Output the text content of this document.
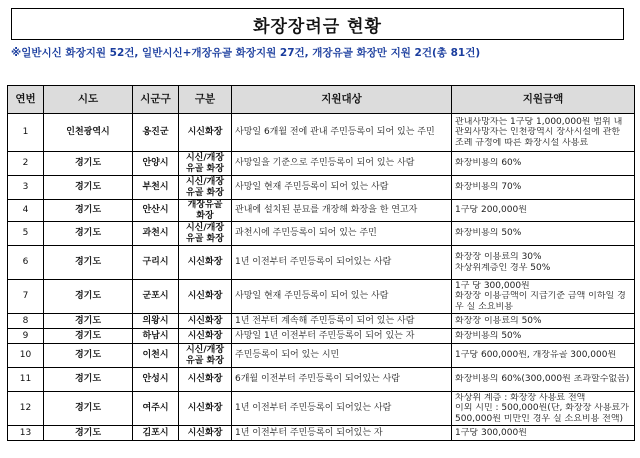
화장장려금 현황
※일반시신 화장지원 52건, 일반시신+개장유골 화장지원 27건, 개장유골 화장만 지원 2건(총 81건)
연번	시도	시군구	구분	지원대상	지원금액
1	인천광역시	옹진군	시신화장	사망일 6개월 전에 관내 주민등록이 되어 있는 주민	관내사망자는 1구당 1,000,000원 범위 내
관외사망자는 인천광역시 장사시설에 관한
조례 규정에 따른 화장시설 사용료

2	경기도	안양시	시신/개장유골 화장	사망일을 기준으로 주민등록이 되어 있는 사람	화장비용의 60%

3	경기도	부천시	시신/개장유골 화장	사망일 현재 주민등록이 되어 있는 사람	화장비용의 70%

4	경기도	안산시	개장유골 화장	관내에 설치된 분묘를 개장해 화장을 한 연고자	1구당 200,000원

5	경기도	과천시	시신/개장유골 화장	과천시에 주민등록이 되어 있는 주민	화장비용의 50%

6	경기도	구리시	시신화장	1년 이전부터 주민등록이 되어있는 사람	화장장 이용료의 30%
차상위계층인 경우 50%

7	경기도	군포시	시신화장	사망일 현재 주민등록이 되어 있는 사람	1구 당 300,000원
화장장 이용금액이 지급기준 금액 이하일 경
우 실 소요비용

8	경기도	의왕시	시신화장	1년 전부터 계속해 주민등록이 되어 있는 사람	화장장 이용료의 50%

9	경기도	하남시	시신화장	사망일 1년 이전부터 주민등록이 되어 있는 자	화장비용의 50%

10	경기도	이천시	시신/개장유골 화장	주민등록이 되어 있는 시민	1구당 600,000원, 개장유골 300,000원

11	경기도	안성시	시신화장	6개월 이전부터 주민등록이 되어있는 사람	화장비용의 60%(300,000원 초과할수없음)

12	경기도	여주시	시신화장	1년 이전부터 주민등록이 되어있는 사람	차상위 계층 : 화장장 사용료 전액
이외 시민 : 500,000원(단, 화장장 사용료가
500,000원 미만인 경우 실 소요비용 전액)

13	경기도	김포시	시신화장	1년 이전부터 주민등록이 되어있는 자	1구당 300,000원
